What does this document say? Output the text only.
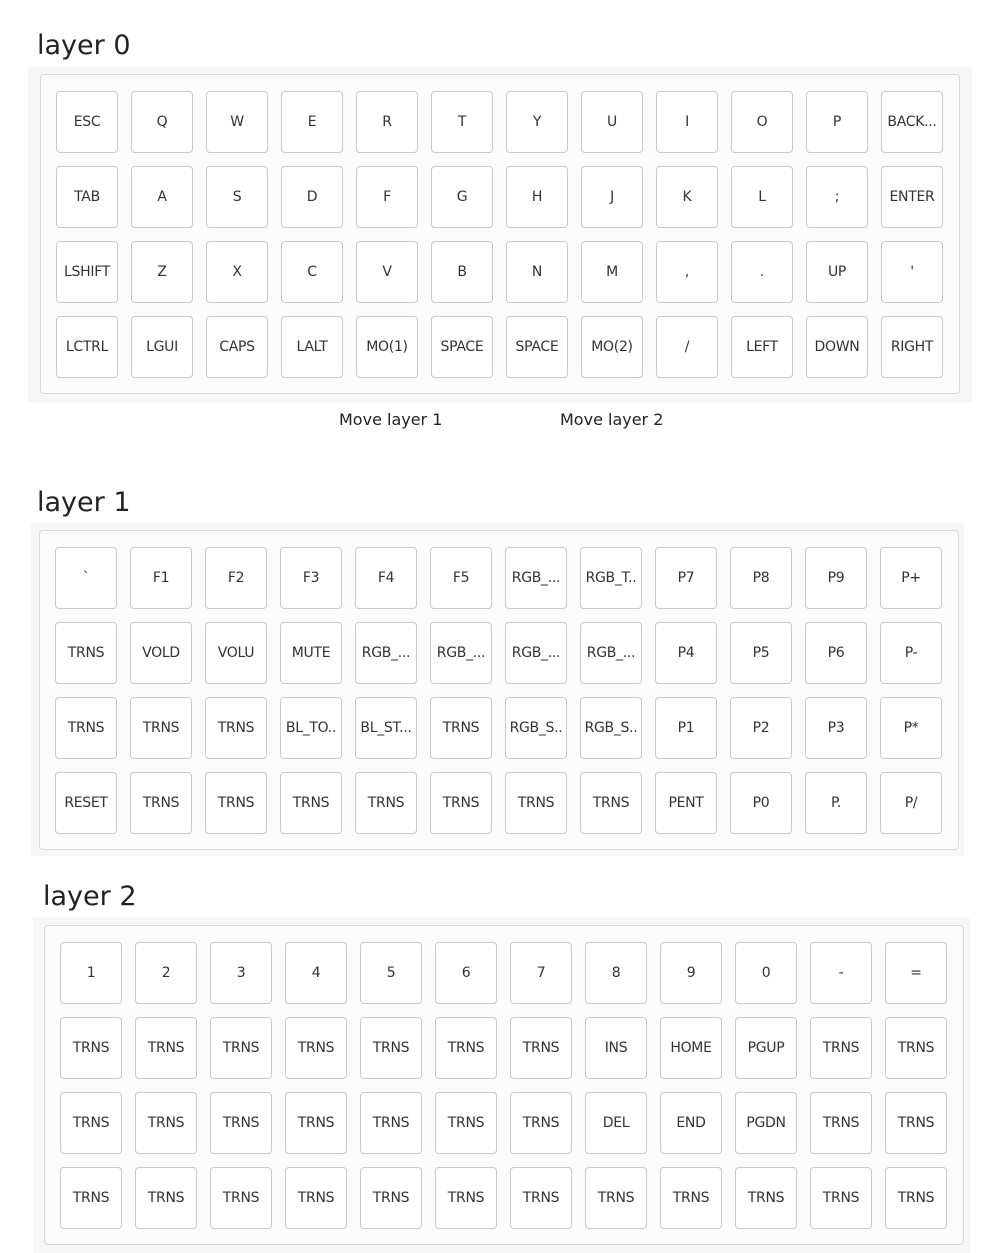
layer 0
ESC	Q	W	E	R	T	Y	U	I	O	P	BACK...
TAB	A	S	D	F	G	H	J	K	L	;	ENTER
LSHIFT	Z	X	C	V	B	N	M	,	.	UP	'
LCTRL	LGUI	CAPS	LALT	MO(1)	SPACE	SPACE	MO(2)	/	LEFT	DOWN	RIGHT
Move layer 1	Move layer 2
layer 1
`	F1	F2	F3	F4	F5	RGB_...	RGB_T..	P7	P8	P9	P+
TRNS	VOLD	VOLU	MUTE	RGB_...	RGB_...	RGB_...	RGB_...	P4	P5	P6	P-
TRNS	TRNS	TRNS	BL_TO..	BL_ST...	TRNS	RGB_S..	RGB_S..	P1	P2	P3	P*
RESET	TRNS	TRNS	TRNS	TRNS	TRNS	TRNS	TRNS	PENT	P0	P.	P/
layer 2
1	2	3	4	5	6	7	8	9	0	-	=
TRNS	TRNS	TRNS	TRNS	TRNS	TRNS	TRNS	INS	HOME	PGUP	TRNS	TRNS
TRNS	TRNS	TRNS	TRNS	TRNS	TRNS	TRNS	DEL	END	PGDN	TRNS	TRNS
TRNS	TRNS	TRNS	TRNS	TRNS	TRNS	TRNS	TRNS	TRNS	TRNS	TRNS	TRNS
